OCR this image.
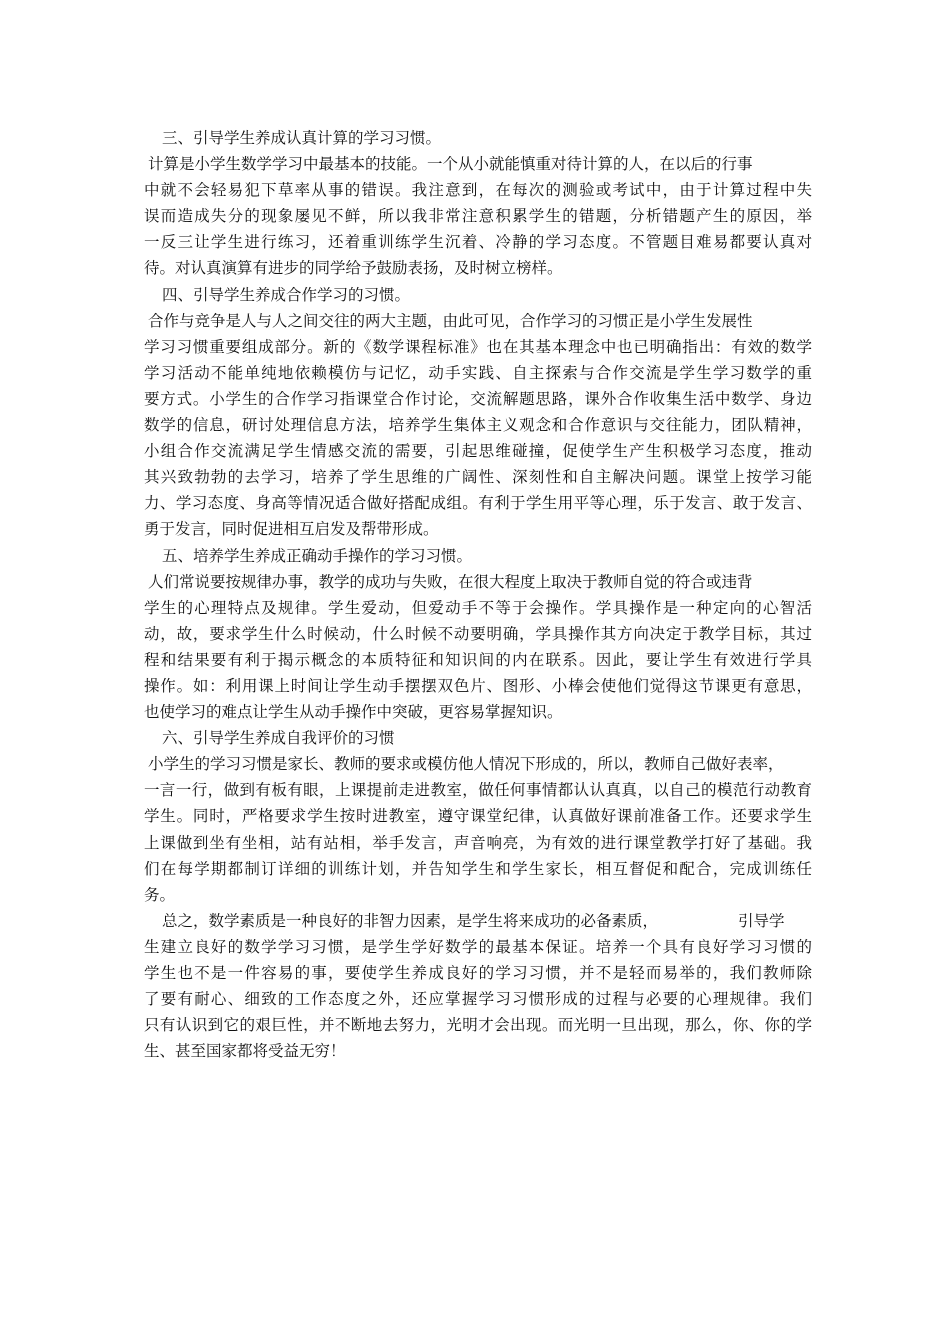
三、引导学生养成认真计算的学习习惯。
计算是小学生数学学习中最基本的技能。一个从小就能慎重对待计算的人，在以后的行事
中就不会轻易犯下草率从事的错误。我注意到，在每次的测验或考试中，由于计算过程中失
误而造成失分的现象屡见不鲜，所以我非常注意积累学生的错题，分析错题产生的原因，举
一反三让学生进行练习，还着重训练学生沉着、冷静的学习态度。不管题目难易都要认真对
待。对认真演算有进步的同学给予鼓励表扬，及时树立榜样。
四、引导学生养成合作学习的习惯。
合作与竞争是人与人之间交往的两大主题，由此可见，合作学习的习惯正是小学生发展性
学习习惯重要组成部分。新的《数学课程标准》也在其基本理念中也已明确指出：有效的数学
学习活动不能单纯地依赖模仿与记忆，动手实践、自主探索与合作交流是学生学习数学的重
要方式。小学生的合作学习指课堂合作讨论，交流解题思路，课外合作收集生活中数学、身边
数学的信息，研讨处理信息方法，培养学生集体主义观念和合作意识与交往能力，团队精神，
小组合作交流满足学生情感交流的需要，引起思维碰撞，促使学生产生积极学习态度，推动
其兴致勃勃的去学习，培养了学生思维的广阔性、深刻性和自主解决问题。课堂上按学习能
力、学习态度、身高等情况适合做好搭配成组。有利于学生用平等心理，乐于发言、敢于发言、
勇于发言，同时促进相互启发及帮带形成。
五、培养学生养成正确动手操作的学习习惯。
人们常说要按规律办事，教学的成功与失败，在很大程度上取决于教师自觉的符合或违背
学生的心理特点及规律。学生爱动，但爱动手不等于会操作。学具操作是一种定向的心智活
动，故，要求学生什么时候动，什么时候不动要明确，学具操作其方向决定于教学目标，其过
程和结果要有利于揭示概念的本质特征和知识间的内在联系。因此，要让学生有效进行学具
操作。如：利用课上时间让学生动手摆摆双色片、图形、小棒会使他们觉得这节课更有意思，
也使学习的难点让学生从动手操作中突破，更容易掌握知识。
六、引导学生养成自我评价的习惯
小学生的学习习惯是家长、教师的要求或模仿他人情况下形成的，所以，教师自己做好表率，
一言一行，做到有板有眼，上课提前走进教室，做任何事情都认认真真，以自己的模范行动教育
学生。同时，严格要求学生按时进教室，遵守课堂纪律，认真做好课前准备工作。还要求学生
上课做到坐有坐相，站有站相，举手发言，声音响亮，为有效的进行课堂教学打好了基础。我
们在每学期都制订详细的训练计划，并告知学生和学生家长，相互督促和配合，完成训练任
务。
总之，数学素质是一种良好的非智力因素，是学生将来成功的必备素质，	引导学
生建立良好的数学学习习惯，是学生学好数学的最基本保证。培养一个具有良好学习习惯的
学生也不是一件容易的事，要使学生养成良好的学习习惯，并不是轻而易举的，我们教师除
了要有耐心、细致的工作态度之外，还应掌握学习习惯形成的过程与必要的心理规律。我们
只有认识到它的艰巨性，并不断地去努力，光明才会出现。而光明一旦出现，那么，你、你的学
生、甚至国家都将受益无穷！
